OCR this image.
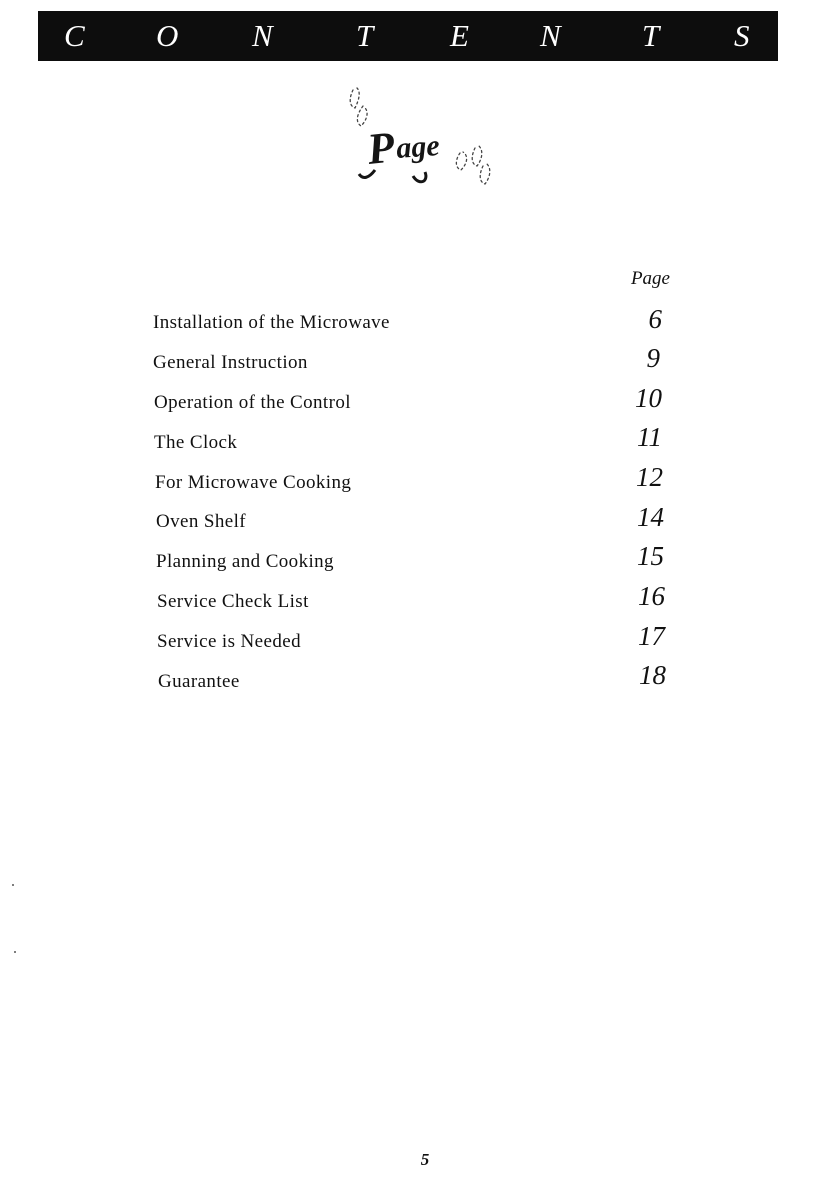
C O N	T E N	T S
P
age
Page
Installation of the Microwave	6
General Instruction	9
Operation of the Control	10
The Clock	11
For Microwave Cooking	12
Oven Shelf	14
Planning and Cooking	15
Service Check List	16
Service is Needed	17
Guarantee	18
5
